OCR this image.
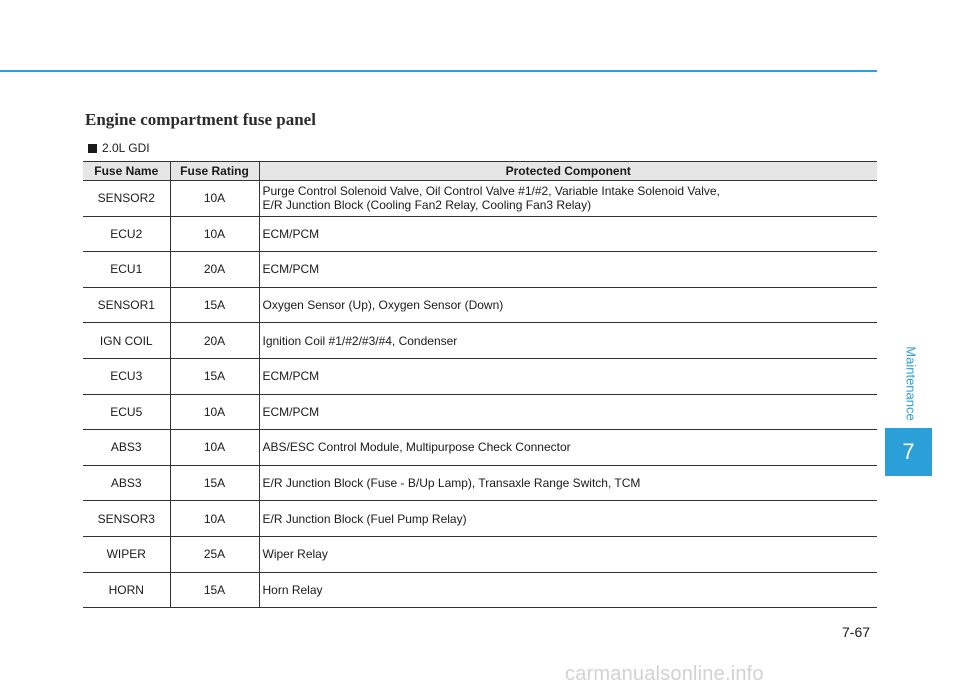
Engine compartment fuse panel
2.0L GDI
Fuse Name	Fuse Rating	Protected Component
SENSOR2	10A	Purge Control Solenoid Valve, Oil Control Valve #1/#2, Variable Intake Solenoid Valve,
E/R Junction Block (Cooling Fan2 Relay, Cooling Fan3 Relay)
ECU2	10A	ECM/PCM
ECU1	20A	ECM/PCM
SENSOR1	15A	Oxygen Sensor (Up), Oxygen Sensor (Down)
IGN COIL	20A	Ignition Coil #1/#2/#3/#4, Condenser
ECU3	15A	ECM/PCM
ECU5	10A	ECM/PCM
ABS3	10A	ABS/ESC Control Module, Multipurpose Check Connector
ABS3	15A	E/R Junction Block (Fuse - B/Up Lamp), Transaxle Range Switch, TCM
SENSOR3	10A	E/R Junction Block (Fuel Pump Relay)
WIPER	25A	Wiper Relay
HORN	15A	Horn Relay
Maintenance
7
7-67
carmanualsonline.info
